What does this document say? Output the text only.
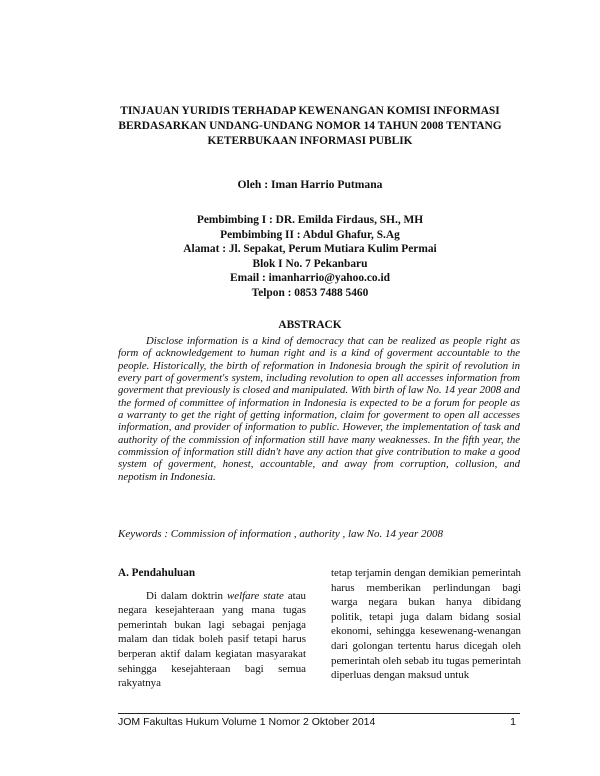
TINJAUAN YURIDIS TERHADAP KEWENANGAN KOMISI INFORMASI
BERDASARKAN UNDANG-UNDANG NOMOR 14 TAHUN 2008 TENTANG
KETERBUKAAN INFORMASI PUBLIK
Oleh : Iman Harrio Putmana
Pembimbing I : DR. Emilda Firdaus, SH., MH
Pembimbing II : Abdul Ghafur, S.Ag
Alamat : Jl. Sepakat, Perum Mutiara Kulim Permai
Blok I No. 7 Pekanbaru
Email : imanharrio@yahoo.co.id
Telpon : 0853 7488 5460
ABSTRACK

Disclose information is a kind of democracy that can be realized as people right as form of acknowledgement to human right and is a kind of goverment accountable to the people. Historically, the birth of reformation in Indonesia brough the spirit of revolution in every part of goverment's system, including revolution to open all accesses information from goverment that previously is closed and manipulated. With birth of law No. 14 year 2008 and the formed of committee of information in Indonesia is expected to be a forum for people as a warranty to get the right of getting information, claim for goverment to open all accesses information, and provider of information to public. However, the implementation of task and authority of the commission of information still have many weaknesses. In the fifth year, the commission of information still didn't have any action that give contribution to make a good system of goverment, honest, accountable, and away from corruption, collusion, and nepotism in Indonesia.

Keywords : Commission of information , authority , law No. 14 year 2008
A. Pendahuluan

Di dalam doktrin welfare state atau negara kesejahteraan yang mana tugas pemerintah bukan lagi sebagai penjaga malam dan tidak boleh pasif tetapi harus berperan aktif dalam kegiatan masyarakat sehingga kesejahteraan bagi semua rakyatnya

tetap terjamin dengan demikian pemerintah harus memberikan perlindungan bagi warga negara bukan hanya dibidang politik, tetapi juga dalam bidang sosial ekonomi, sehingga kesewenang-wenangan dari golongan tertentu harus dicegah oleh pemerintah oleh sebab itu tugas pemerintah diperluas dengan maksud untuk

JOM Fakultas Hukum Volume 1 Nomor 2 Oktober 2014	1
